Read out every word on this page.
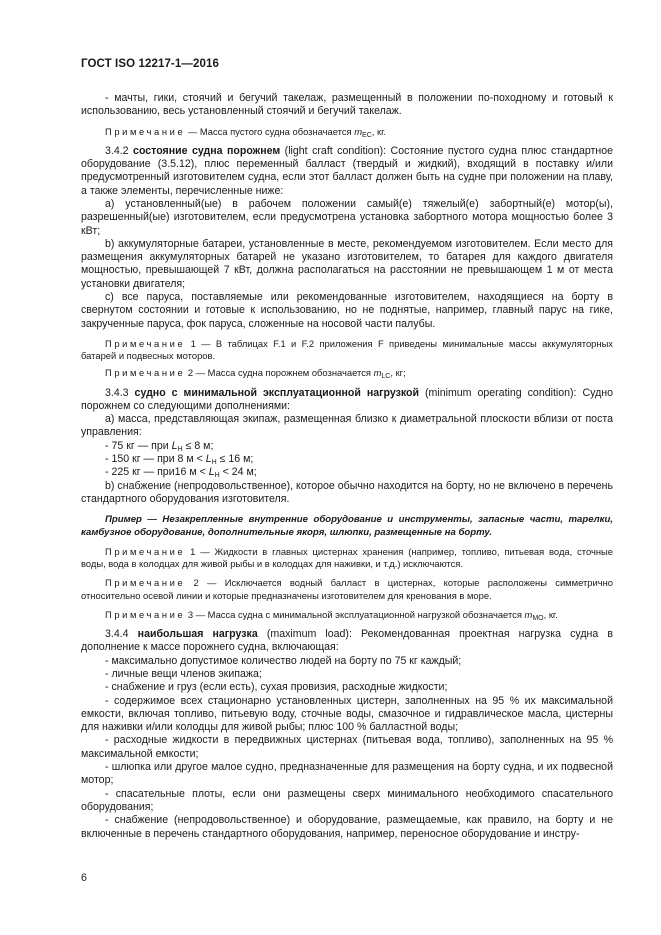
ГОСТ ISO 12217-1—2016

- мачты, гики, стоячий и бегучий такелаж, размещенный в положении по-походному и готовый к использованию, весь установленный стоячий и бегучий такелаж.

Примечание — Масса пустого судна обозначается $m_{EC}$, кг.

3.4.2 состояние судна порожнем (light craft condition): Состояние пустого судна плюс стандартное оборудование (3.5.12), плюс переменный балласт (твердый и жидкий), входящий в поставку и/или предусмотренный изготовителем судна, если этот балласт должен быть на судне при положении на плаву, а также элементы, перечисленные ниже:

a) установленный(ые) в рабочем положении самый(е) тяжелый(е) забортный(е) мотор(ы), разрешенный(ые) изготовителем, если предусмотрена установка забортного мотора мощностью более 3 кВт;

b) аккумуляторные батареи, установленные в месте, рекомендуемом изготовителем. Если место для размещения аккумуляторных батарей не указано изготовителем, то батарея для каждого двигателя мощностью, превышающей 7 кВт, должна располагаться на расстоянии не превышающем 1 м от места установки двигателя;

c) все паруса, поставляемые или рекомендованные изготовителем, находящиеся на борту в свернутом состоянии и готовые к использованию, но не поднятые, например, главный парус на гике, закрученные паруса, фок паруса, сложенные на носовой части палубы.

Примечание 1 — В таблицах F.1 и F.2 приложения F приведены минимальные массы аккумуляторных батарей и подвесных моторов.

Примечание 2 — Масса судна порожнем обозначается $m_{LC}$, кг;

3.4.3 судно с минимальной эксплуатационной нагрузкой (minimum operating condition): Судно порожнем со следующими дополнениями:

a) масса, представляющая экипаж, размещенная близко к диаметральной плоскости вблизи от поста управления:

- 75 кг — при $L_H \le 8$ м;

- 150 кг — при 8 $м < L_H \le 16$ м;

- 225 кг — при16 $м < L_H < 24$ м;

b) снабжение (непродовольственное), которое обычно находится на борту, но не включено в перечень стандартного оборудования изготовителя.

Пример — Незакрепленные внутренние оборудование и инструменты, запасные части, тарелки, камбузное оборудование, дополнительные якоря, шлюпки, размещенные на борту.

Примечание 1 — Жидкости в главных цистернах хранения (например, топливо, питьевая вода, сточные воды, вода в колодцах для живой рыбы и в колодцах для наживки, и т.д.) исключаются.

Примечание 2 — Исключается водный балласт в цистернах, которые расположены симметрично относительно осевой линии и которые предназначены изготовителем для кренования в море.

Примечание 3 — Масса судна с минимальной эксплуатационной нагрузкой обозначается $m_{MO}$, кг.

3.4.4 наибольшая нагрузка (maximum load): Рекомендованная проектная нагрузка судна в дополнение к массе порожнего судна, включающая:

- максимально допустимое количество людей на борту по 75 кг каждый;

- личные вещи членов экипажа;

- снабжение и груз (если есть), сухая провизия, расходные жидкости;

- содержимое всех стационарно установленных цистерн, заполненных на 95 % их максимальной емкости, включая топливо, питьевую воду, сточные воды, смазочное и гидравлическое масла, цистерны для наживки и/или колодцы для живой рыбы; плюс 100 % балластной воды;

- расходные жидкости в передвижных цистернах (питьевая вода, топливо), заполненных на 95 % максимальной емкости;

- шлюпка или другое малое судно, предназначенные для размещения на борту судна, и их подвесной мотор;

- спасательные плоты, если они размещены сверх минимального необходимого спасательного оборудования;

- снабжение (непродовольственное) и оборудование, размещаемые, как правило, на борту и не включенные в перечень стандартного оборудования, например, переносное оборудование и инстру-

6
